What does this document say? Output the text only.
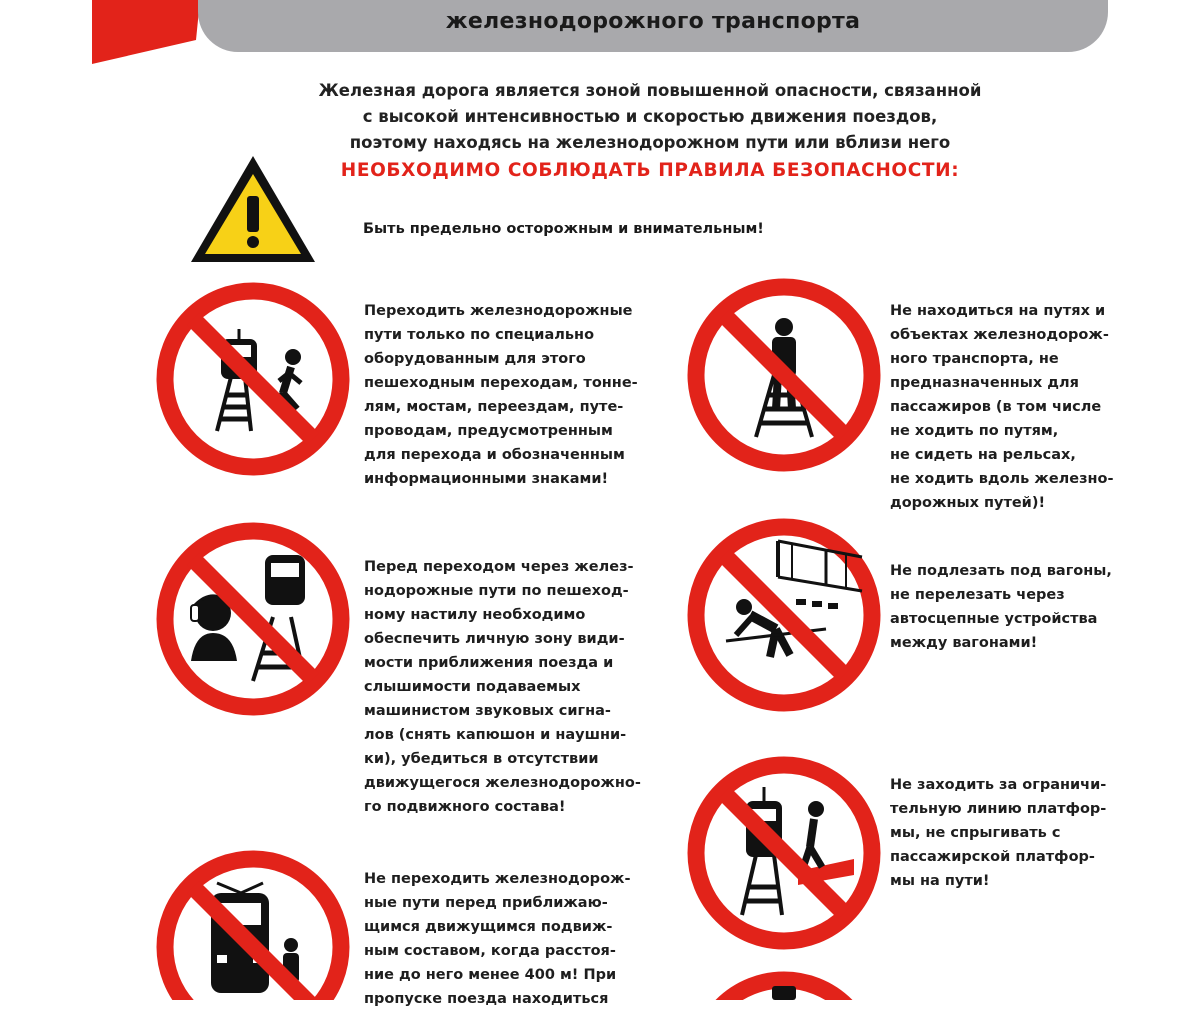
железнодорожного транспорта
Железная дорога является зоной повышенной опасности, связанной
с высокой интенсивностью и скоростью движения поездов,
поэтому находясь на железнодорожном пути или вблизи него
НЕОБХОДИМО СОБЛЮДАТЬ ПРАВИЛА БЕЗОПАСНОСТИ:
Быть предельно осторожным и внимательным!
Переходить железнодорожные
пути только по специально
оборудованным для этого
пешеходным переходам, тонне-
лям, мостам, переездам, путе-
проводам, предусмотренным
для перехода и обозначенным
информационными знаками!
Не находиться на путях и
объектах железнодорож-
ного транспорта, не
предназначенных для
пассажиров (в том числе
не ходить по путям,
не сидеть на рельсах,
не ходить вдоль железно-
дорожных путей)!
Перед переходом через желез-
нодорожные пути по пешеход-
ному настилу необходимо
обеспечить личную зону види-
мости приближения поезда и
слышимости подаваемых
машинистом звуковых сигна-
лов (снять капюшон и наушни-
ки), убедиться в отсутствии
движущегося железнодорожно-
го подвижного состава!
Не подлезать под вагоны,
не перелезать через
автосцепные устройства
между вагонами!
Не заходить за ограничи-
тельную линию платфор-
мы, не спрыгивать с
пассажирской платфор-
мы на пути!
Не переходить железнодорож-
ные пути перед приближаю-
щимся движущимся подвиж-
ным составом, когда расстоя-
ние до него менее 400 м! При
пропуске поезда находиться
